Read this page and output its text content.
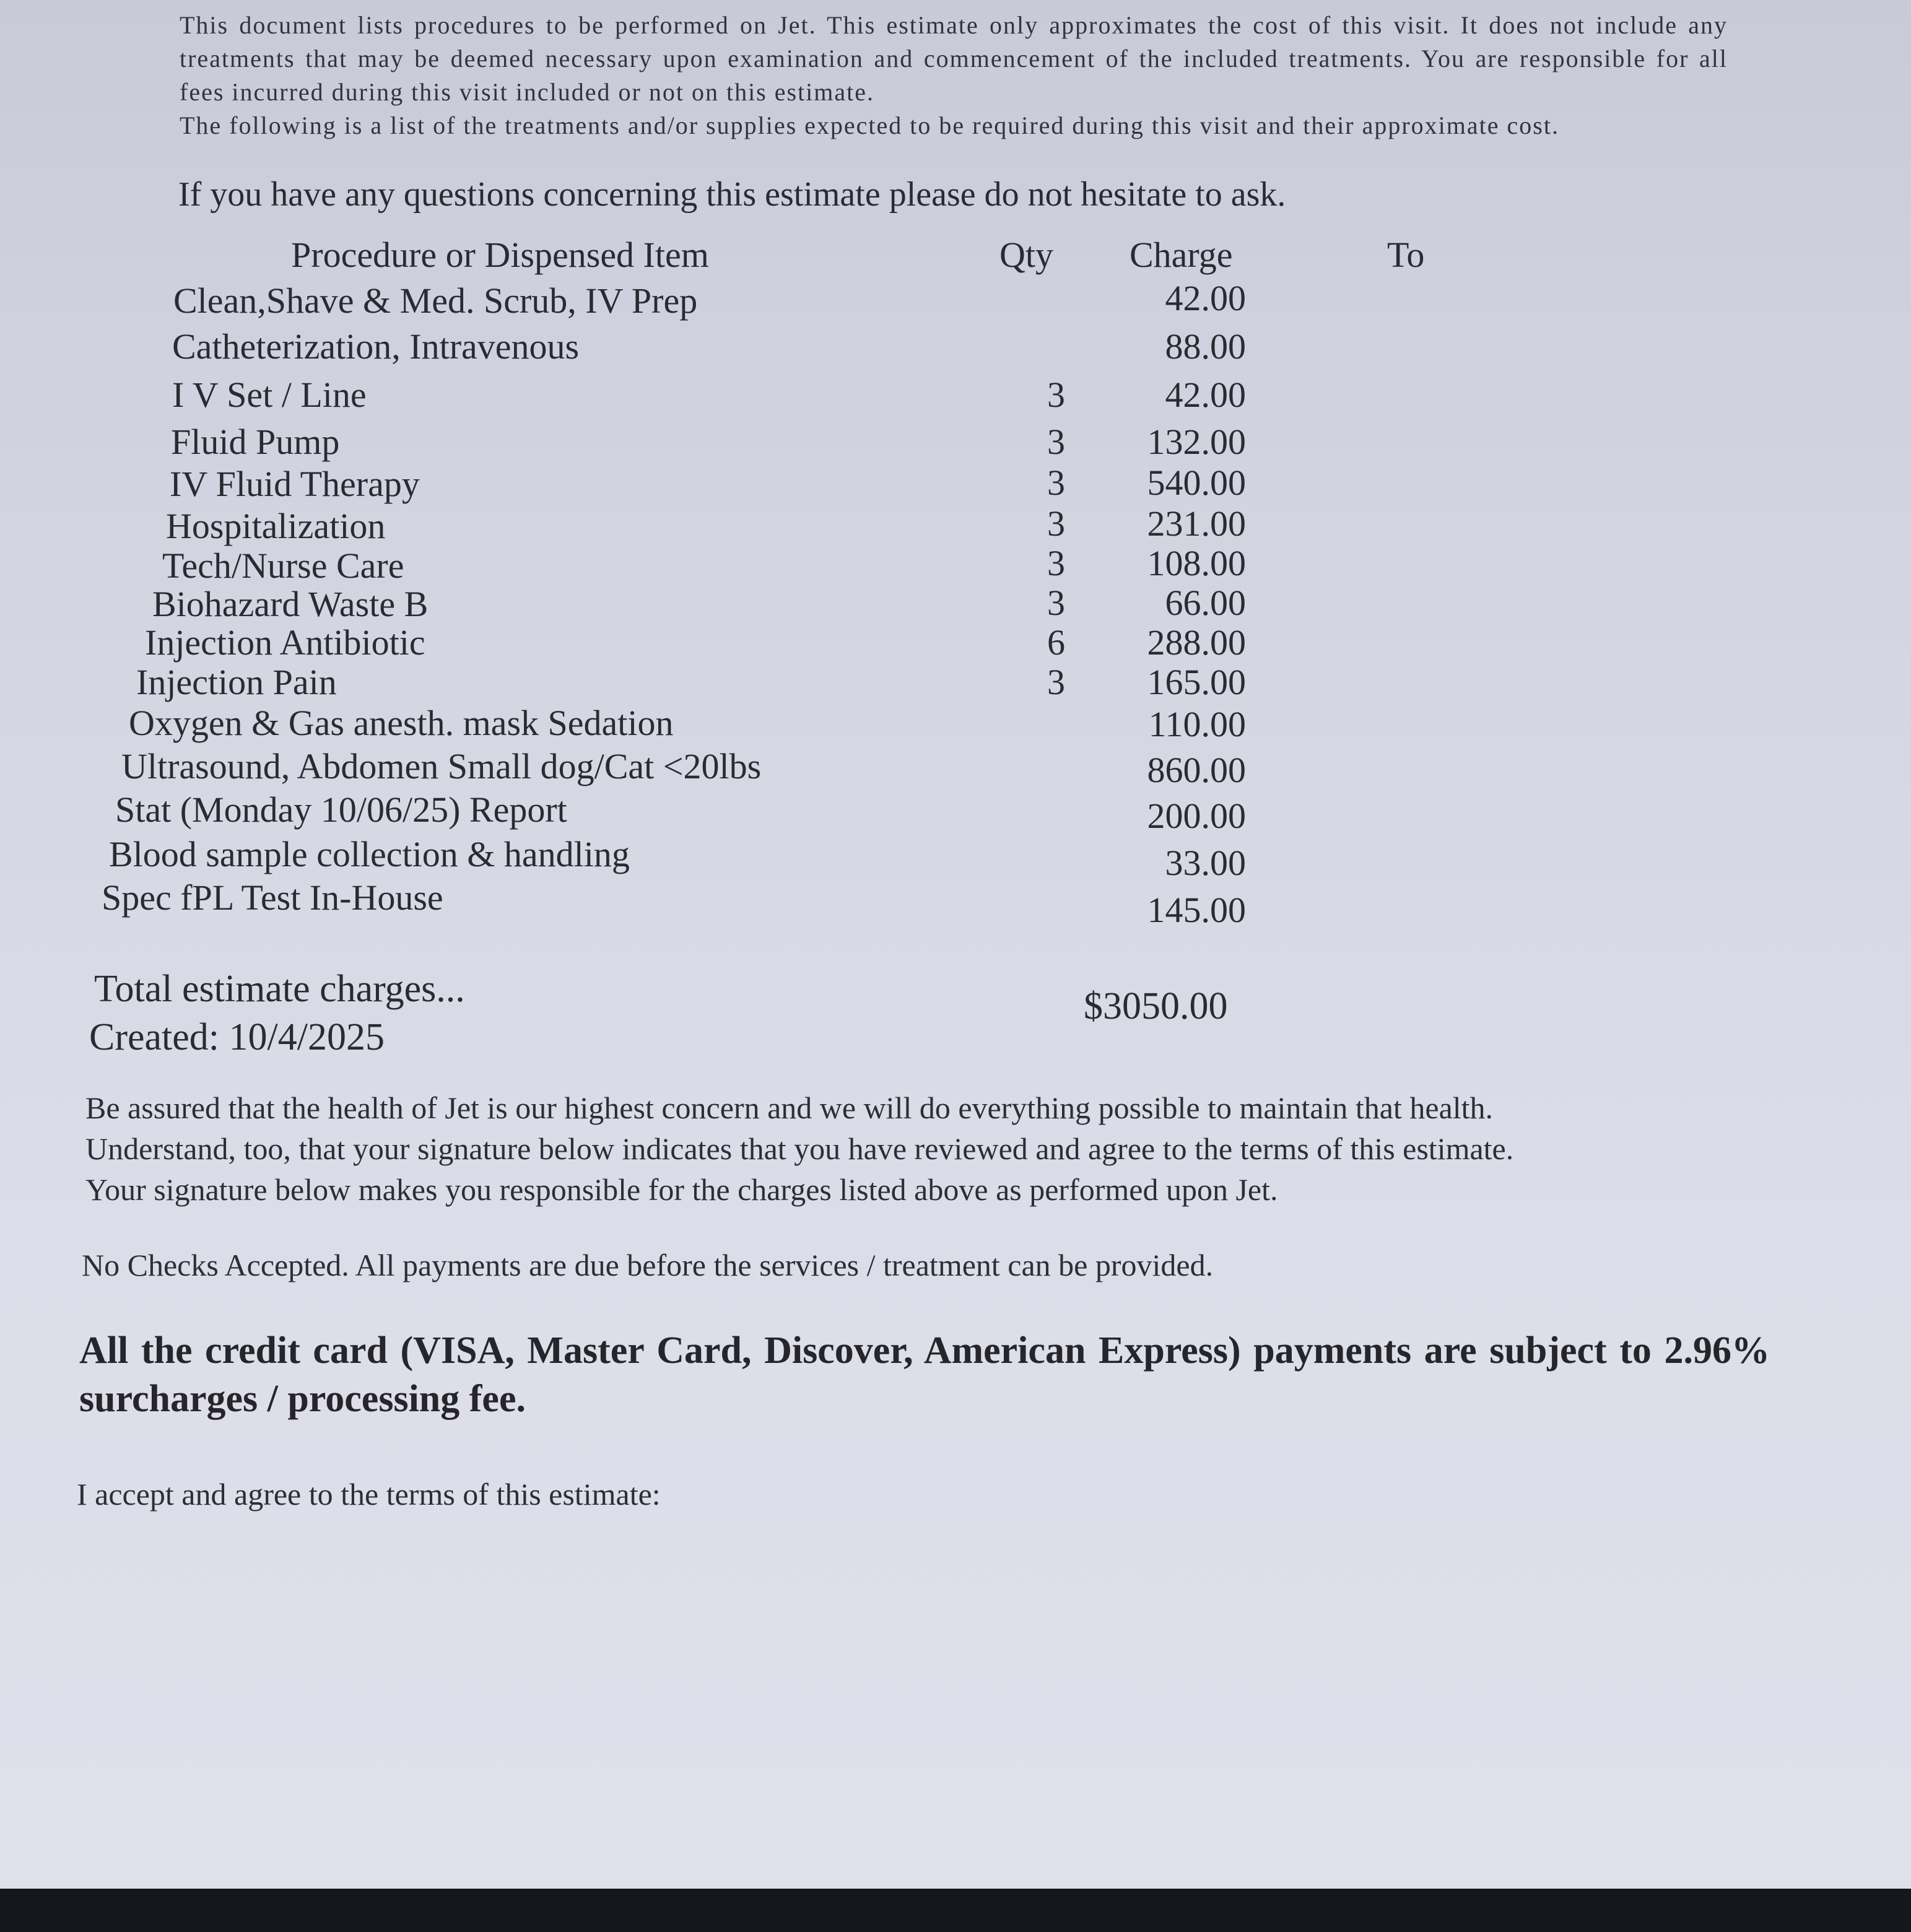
This document lists procedures to be performed on Jet. This estimate only approximates the cost of this visit. It does not include any treatments that may be deemed necessary upon examination and commencement of the included treatments. You are responsible for all fees incurred during this visit included or not on this estimate.

The following is a list of the treatments and/or supplies expected to be required during this visit and their approximate cost.

If you have any questions concerning this estimate please do not hesitate to ask.
Procedure or Dispensed Item	Qty Charge	To
Clean,Shave & Med. Scrub, IV Prep	42.00
Catheterization, Intravenous	88.00
I V Set / Line	3	42.00
Fluid Pump	3	132.00
IV Fluid Therapy	3	540.00
Hospitalization	3	231.00
Tech/Nurse Care	3	108.00
Biohazard Waste B	3	66.00
Injection Antibiotic	6	288.00
Injection Pain	3	165.00
Oxygen & Gas anesth. mask Sedation	110.00
Ultrasound, Abdomen Small dog/Cat <20lbs	860.00
Stat (Monday 10/06/25) Report	200.00
Blood sample collection & handling	33.00
Spec fPL Test In-House	145.00
Total estimate charges...	$3050.00
Created: 10/4/2025

Be assured that the health of Jet is our highest concern and we will do everything possible to maintain that health.

Understand, too, that your signature below indicates that you have reviewed and agree to the terms of this estimate.

Your signature below makes you responsible for the charges listed above as performed upon Jet.

No Checks Accepted. All payments are due before the services / treatment can be provided.
All the credit card (VISA, Master Card, Discover, American Express) payments are subject to 2.96% surcharges / processing fee.
I accept and agree to the terms of this estimate:
